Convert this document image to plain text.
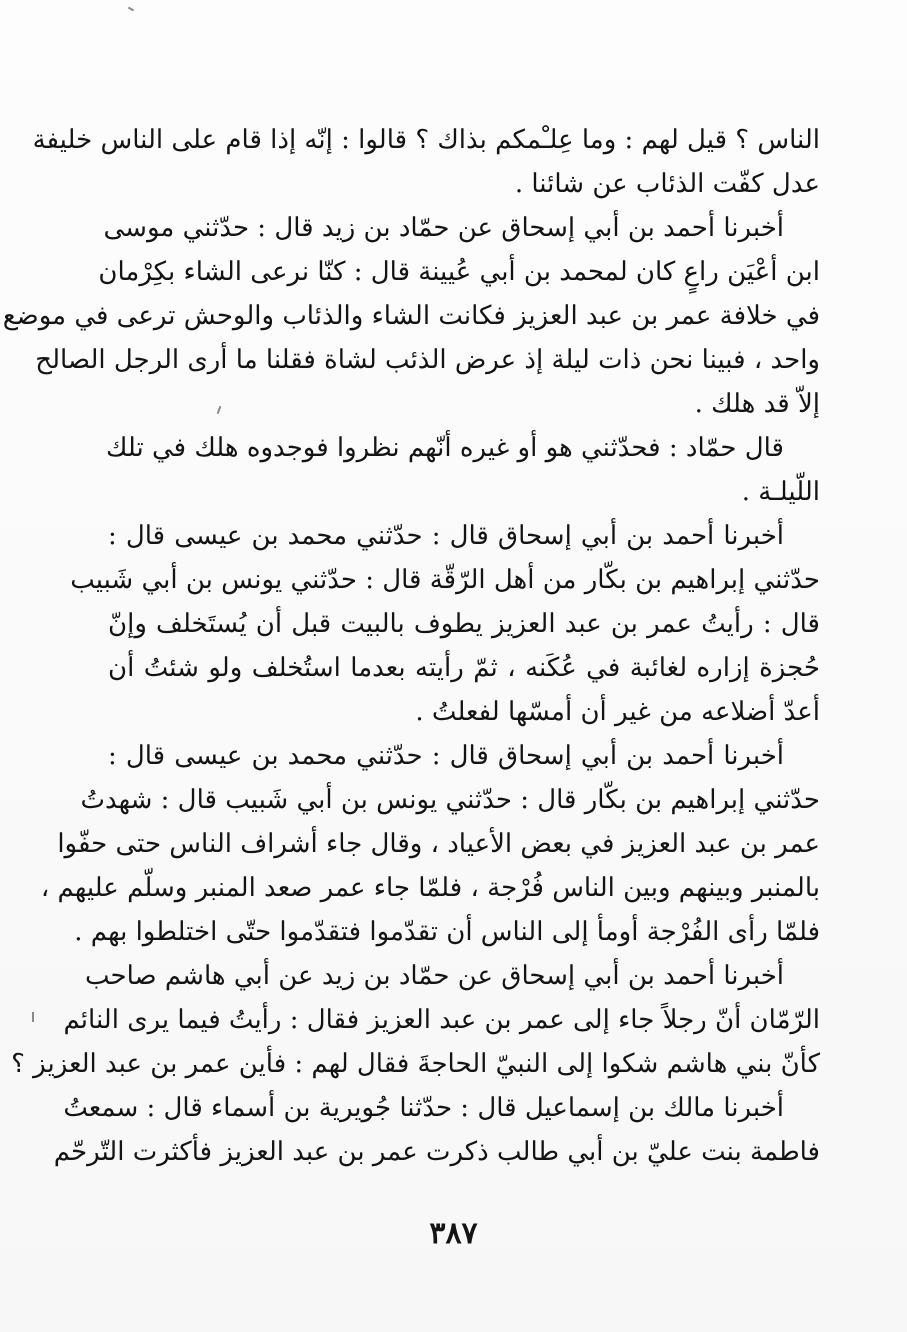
الناس ؟ قيل لهم : وما عِلـْمكم بذاك ؟ قالوا : إنّه إذا قام على الناس خليفة
عدل كفّت الذئاب عن شائنا .
أخبرنا أحمد بن أبي إسحاق عن حمّاد بن زيد قال : حدّثني موسى
ابن أعْيَن راعٍ كان لمحمد بن أبي عُيينة قال : كنّا نرعى الشاء بكِرْمان
في خلافة عمر بن عبد العزيز فكانت الشاء والذئاب والوحش ترعى في موضع
واحد ، فبينا نحن ذات ليلة إذ عرض الذئب لشاة فقلنا ما أرى الرجل الصالح
إلاّ قد هلك .
قال حمّاد : فحدّثني هو أو غيره أنّهم نظروا فوجدوه هلك في تلك
اللّيلـة .
أخبرنا أحمد بن أبي إسحاق قال : حدّثني محمد بن عيسى قال :
حدّثني إبراهيم بن بكّار من أهل الرّقّة قال : حدّثني يونس بن أبي شَبيب
قال : رأيتُ عمر بن عبد العزيز يطوف بالبيت قبل أن يُستَخلف وإنّ
حُجزة إزاره لغائبة في عُكَنه ، ثمّ رأيته بعدما استُخلف ولو شئتُ أن
أعدّ أضلاعه من غير أن أمسّها لفعلتُ .
أخبرنا أحمد بن أبي إسحاق قال : حدّثني محمد بن عيسى قال :
حدّثني إبراهيم بن بكّار قال : حدّثني يونس بن أبي شَبيب قال : شهدتُ
عمر بن عبد العزيز في بعض الأعياد ، وقال جاء أشراف الناس حتى حفّوا
بالمنبر وبينهم وبين الناس فُرْجة ، فلمّا جاء عمر صعد المنبر وسلّم عليهم ،
فلمّا رأى الفُرْجة أومأ إلى الناس أن تقدّموا فتقدّموا حتّى اختلطوا بهم .
أخبرنا أحمد بن أبي إسحاق عن حمّاد بن زيد عن أبي هاشم صاحب
الرّمّان أنّ رجلاً جاء إلى عمر بن عبد العزيز فقال : رأيتُ فيما يرى النائم
كأنّ بني هاشم شكوا إلى النبيّ الحاجةَ فقال لهم : فأين عمر بن عبد العزيز ؟
أخبرنا مالك بن إسماعيل قال : حدّثنا جُويرية بن أسماء قال : سمعتُ
فاطمة بنت عليّ بن أبي طالب ذكرت عمر بن عبد العزيز فأكثرت التّرحّم
٣٨٧
